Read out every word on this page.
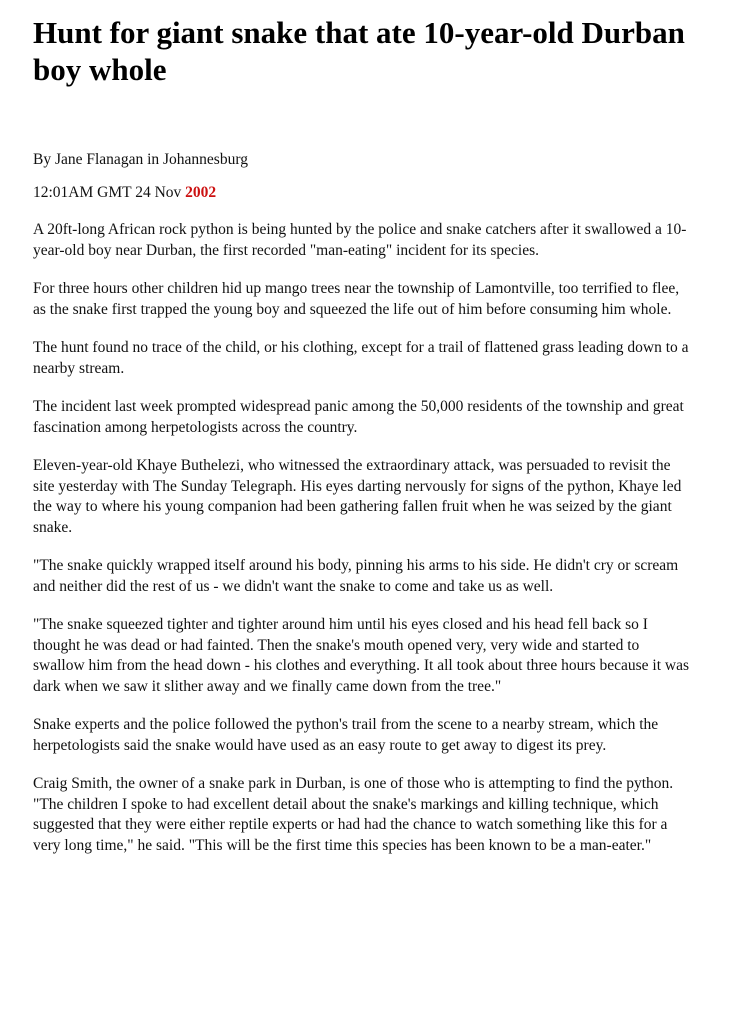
Hunt for giant snake that ate 10-year-old Durban boy whole

By Jane Flanagan in Johannesburg

12:01AM GMT 24 Nov 2002

A 20ft-long African rock python is being hunted by the police and snake catchers after it swallowed a 10-year-old boy near Durban, the first recorded "man-eating" incident for its species.

For three hours other children hid up mango trees near the township of Lamontville, too terrified to flee, as the snake first trapped the young boy and squeezed the life out of him before consuming him whole.

The hunt found no trace of the child, or his clothing, except for a trail of flattened grass leading down to a nearby stream.

The incident last week prompted widespread panic among the 50,000 residents of the township and great fascination among herpetologists across the country.

Eleven-year-old Khaye Buthelezi, who witnessed the extraordinary attack, was persuaded to revisit the site yesterday with The Sunday Telegraph. His eyes darting nervously for signs of the python, Khaye led the way to where his young companion had been gathering fallen fruit when he was seized by the giant snake.

"The snake quickly wrapped itself around his body, pinning his arms to his side. He didn't cry or scream and neither did the rest of us - we didn't want the snake to come and take us as well.

"The snake squeezed tighter and tighter around him until his eyes closed and his head fell back so I thought he was dead or had fainted. Then the snake's mouth opened very, very wide and started to swallow him from the head down - his clothes and everything. It all took about three hours because it was dark when we saw it slither away and we finally came down from the tree."

Snake experts and the police followed the python's trail from the scene to a nearby stream, which the herpetologists said the snake would have used as an easy route to get away to digest its prey.

Craig Smith, the owner of a snake park in Durban, is one of those who is attempting to find the python. "The children I spoke to had excellent detail about the snake's markings and killing technique, which suggested that they were either reptile experts or had had the chance to watch something like this for a very long time," he said. "This will be the first time this species has been known to be a man-eater."
